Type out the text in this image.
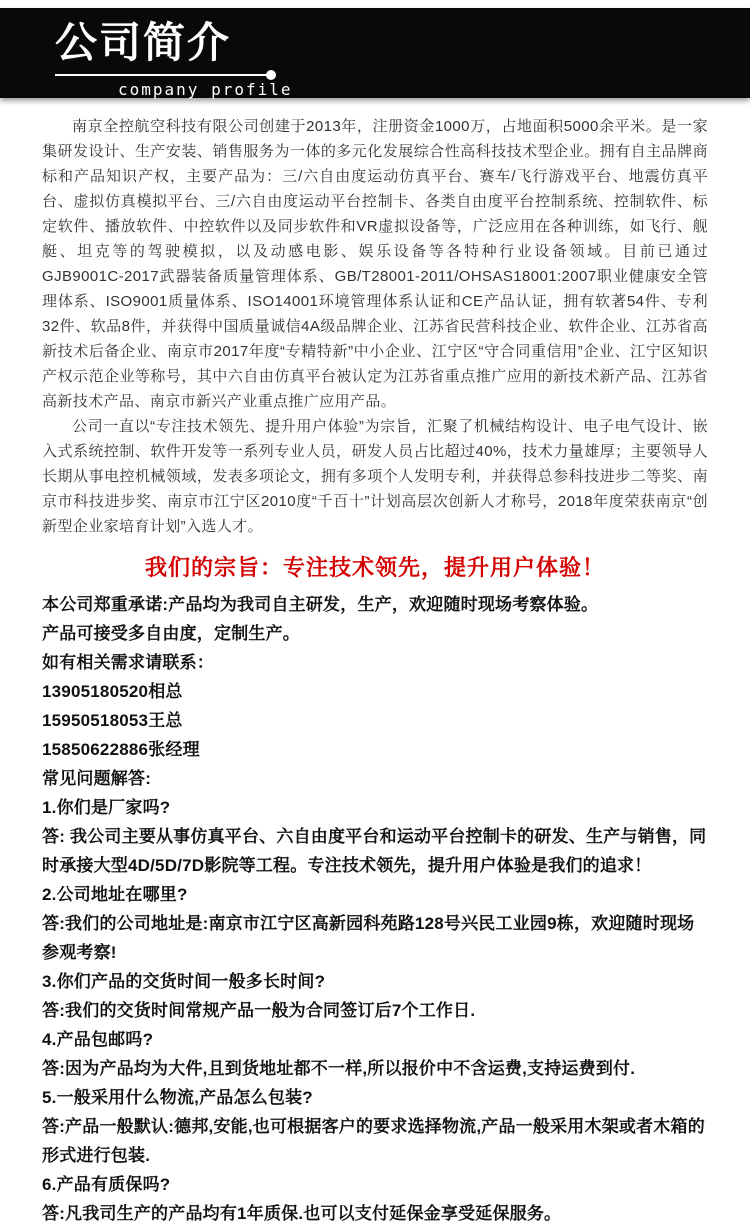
公司简介
company profile

南京全控航空科技有限公司创建于2013年，注册资金1000万，占地面积5000余平米。是一家集研发设计、生产安装、销售服务为一体的多元化发展综合性高科技技术型企业。拥有自主品牌商标和产品知识产权，主要产品为：三/六自由度运动仿真平台、赛车/飞行游戏平台、地震仿真平台、虚拟仿真模拟平台、三/六自由度运动平台控制卡、各类自由度平台控制系统、控制软件、标定软件、播放软件、中控软件以及同步软件和VR虚拟设备等，广泛应用在各种训练，如飞行、舰艇、坦克等的驾驶模拟，以及动感电影、娱乐设备等各特种行业设备领域。目前已通过GJB9001C-2017武器装备质量管理体系、GB/T28001-2011/OHSAS18001:2007职业健康安全管理体系、ISO9001质量体系、ISO14001环境管理体系认证和CE产品认证，拥有软著54件、专利32件、软品8件，并获得中国质量诚信4A级品牌企业、江苏省民营科技企业、软件企业、江苏省高新技术后备企业、南京市2017年度“专精特新”中小企业、江宁区“守合同重信用”企业、江宁区知识产权示范企业等称号，其中六自由仿真平台被认定为江苏省重点推广应用的新技术新产品、江苏省高新技术产品、南京市新兴产业重点推广应用产品。

公司一直以“专注技术领先、提升用户体验”为宗旨，汇聚了机械结构设计、电子电气设计、嵌入式系统控制、软件开发等一系列专业人员，研发人员占比超过40%，技术力量雄厚；主要领导人长期从事电控机械领域，发表多项论文，拥有多项个人发明专利，并获得总参科技进步二等奖、南京市科技进步奖、南京市江宁区2010度“千百十”计划高层次创新人才称号，2018年度荣获南京“创新型企业家培育计划”入选人才。

我们的宗旨：专注技术领先，提升用户体验！

本公司郑重承诺:产品均为我司自主研发，生产，欢迎随时现场考察体验。

产品可接受多自由度，定制生产。

如有相关需求请联系：

13905180520相总

15950518053王总

15850622886张经理

常见问题解答:

1.你们是厂家吗?

答: 我公司主要从事仿真平台、六自由度平台和运动平台控制卡的研发、生产与销售，同时承接大型4D/5D/7D影院等工程。专注技术领先，提升用户体验是我们的追求！

2.公司地址在哪里?

答:我们的公司地址是:南京市江宁区高新园科苑路128号兴民工业园9栋，欢迎随时现场参观考察!

3.你们产品的交货时间一般多长时间?

答:我们的交货时间常规产品一般为合同签订后7个工作日.

4.产品包邮吗?

答:因为产品均为大件,且到货地址都不一样,所以报价中不含运费,支持运费到付.

5.一般采用什么物流,产品怎么包装?

答:产品一般默认:德邦,安能,也可根据客户的要求选择物流,产品一般采用木架或者木箱的形式进行包装.

6.产品有质保吗?

答:凡我司生产的产品均有1年质保.也可以支付延保金享受延保服务。
